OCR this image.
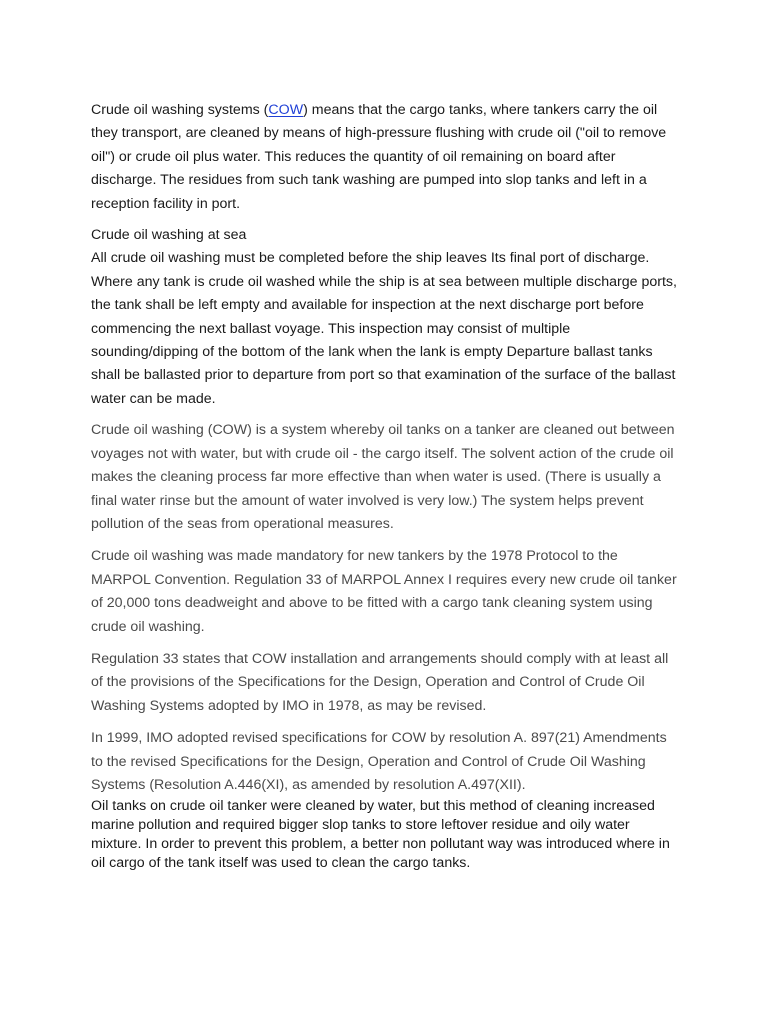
Crude oil washing systems (COW) means that the cargo tanks, where tankers carry the oil they transport, are cleaned by means of high-pressure flushing with crude oil ("oil to remove oil") or crude oil plus water. This reduces the quantity of oil remaining on board after discharge. The residues from such tank washing are pumped into slop tanks and left in a reception facility in port.

Crude oil washing at sea

All crude oil washing must be completed before the ship leaves Its final port of discharge. Where any tank is crude oil washed while the ship is at sea between multiple discharge ports, the tank shall be left empty and available for inspection at the next discharge port before commencing the next ballast voyage. This inspection may consist of multiple sounding/dipping of the bottom of the lank when the lank is empty Departure ballast tanks shall be ballasted prior to departure from port so that examination of the surface of the ballast water can be made.

Crude oil washing (COW) is a system whereby oil tanks on a tanker are cleaned out between voyages not with water, but with crude oil - the cargo itself. The solvent action of the crude oil makes the cleaning process far more effective than when water is used. (There is usually a final water rinse but the amount of water involved is very low.) The system helps prevent pollution of the seas from operational measures.

Crude oil washing was made mandatory for new tankers by the 1978 Protocol to the MARPOL Convention. Regulation 33 of MARPOL Annex I requires every new crude oil tanker of 20,000 tons deadweight and above to be fitted with a cargo tank cleaning system using crude oil washing.

Regulation 33 states that COW installation and arrangements should comply with at least all of the provisions of the Specifications for the Design, Operation and Control of Crude Oil Washing Systems adopted by IMO in 1978, as may be revised.

In 1999, IMO adopted revised specifications for COW by resolution A. 897(21) Amendments to the revised Specifications for the Design, Operation and Control of Crude Oil Washing Systems (Resolution A.446(XI), as amended by resolution A.497(XII).

Oil tanks on crude oil tanker were cleaned by water, but this method of cleaning increased marine pollution and required bigger slop tanks to store leftover residue and oily water mixture. In order to prevent this problem, a better non pollutant way was introduced where in oil cargo of the tank itself was used to clean the cargo tanks.
